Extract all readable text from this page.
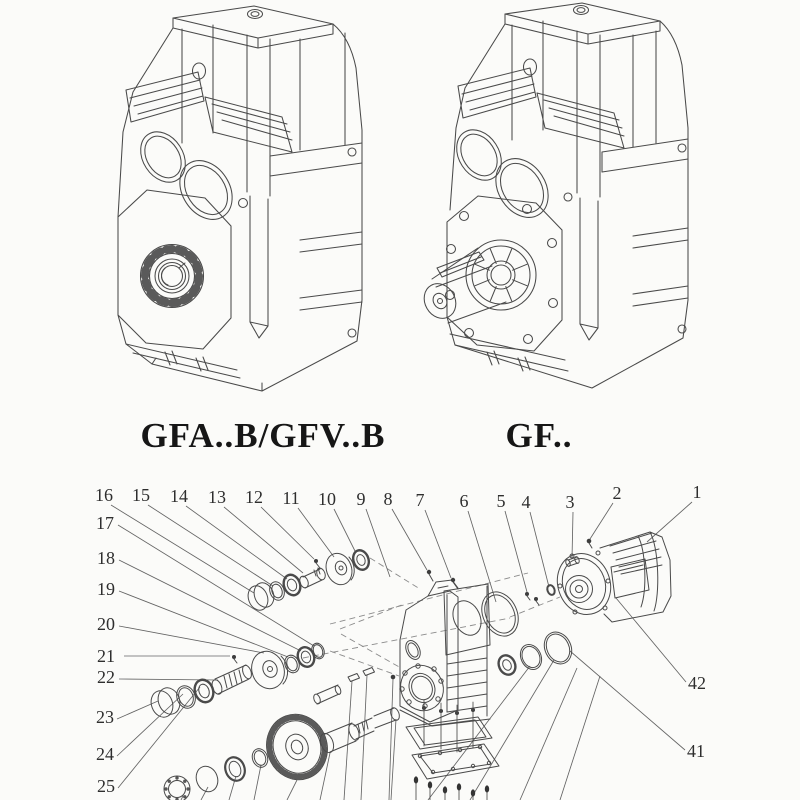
GFA..B/GFV..B	GF..
16 15 14 13 12 11 10 9 8 7 6 5 4 3 2	1
17
18
19
20
21
22
23
24
25
42
41
